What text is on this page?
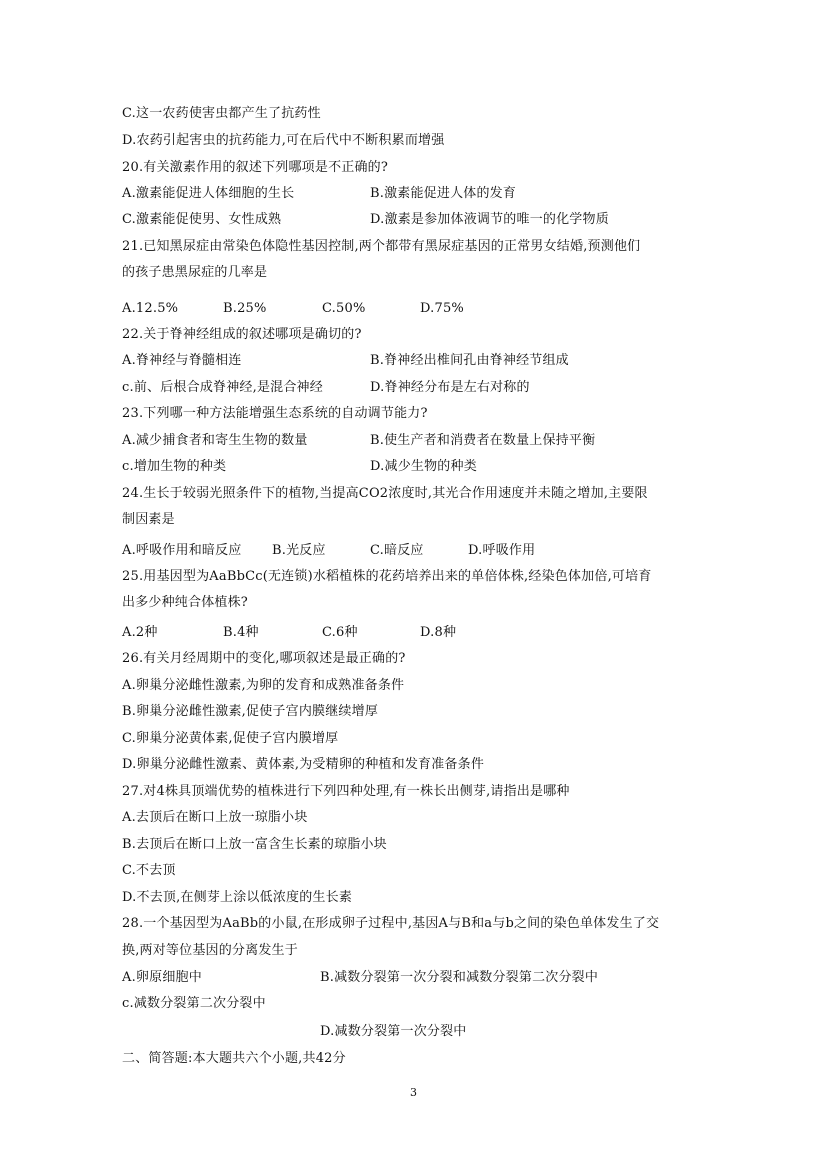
C.这一农药使害虫都产生了抗药性
D.农药引起害虫的抗药能力,可在后代中不断积累而增强
20.有关激素作用的叙述下列哪项是不正确的?
A.激素能促进人体细胞的生长	B.激素能促进人体的发育
C.激素能促使男、女性成熟	D.激素是参加体液调节的唯一的化学物质
21.已知黑尿症由常染色体隐性基因控制,两个都带有黑尿症基因的正常男女结婚,预测他们
的孩子患黑尿症的几率是
A.12.5%	B.25%	C.50%	D.75%
22.关于脊神经组成的叙述哪项是确切的?
A.脊神经与脊髓相连	B.脊神经出椎间孔由脊神经节组成
c.前、后根合成脊神经,是混合神经	D.脊神经分布是左右对称的
23.下列哪一种方法能增强生态系统的自动调节能力?
A.减少捕食者和寄生生物的数量	B.使生产者和消费者在数量上保持平衡
c.增加生物的种类	D.减少生物的种类
24.生长于较弱光照条件下的植物,当提高CO2浓度时,其光合作用速度并未随之增加,主要限
制因素是
A.呼吸作用和暗反应 B.光反应	C.暗反应	D.呼吸作用
25.用基因型为AaBbCc(无连锁)水稻植株的花药培养出来的单倍体株,经染色体加倍,可培育
出多少种纯合体植株?
A.2种	B.4种	C.6种	D.8种
26.有关月经周期中的变化,哪项叙述是最正确的?
A.卵巢分泌雌性激素,为卵的发育和成熟准备条件
B.卵巢分泌雌性激素,促使子宫内膜继续增厚
C.卵巢分泌黄体素,促使子宫内膜增厚
D.卵巢分泌雌性激素、黄体素,为受精卵的种植和发育准备条件
27.对4株具顶端优势的植株进行下列四种处理,有一株长出侧芽,请指出是哪种
A.去顶后在断口上放一琼脂小块
B.去顶后在断口上放一富含生长素的琼脂小块
C.不去顶
D.不去顶,在侧芽上涂以低浓度的生长素
28.一个基因型为AaBb的小鼠,在形成卵子过程中,基因A与B和a与b之间的染色单体发生了交
换,两对等位基因的分离发生于
A.卵原细胞中	B.减数分裂第一次分裂和减数分裂第二次分裂中
c.减数分裂第二次分裂中
D.减数分裂第一次分裂中
二、简答题:本大题共六个小题,共42分
3
